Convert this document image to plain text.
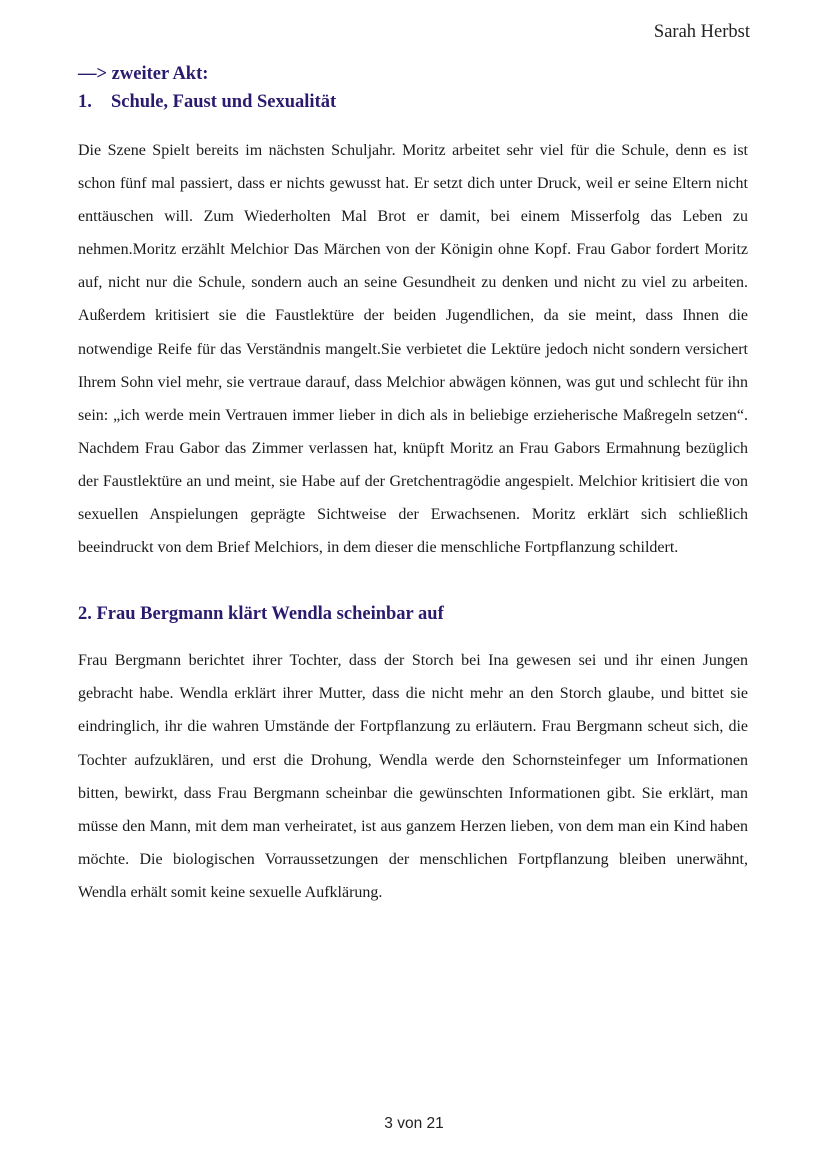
Sarah Herbst
—> zweiter Akt:
1.	Schule, Faust und Sexualität

Die Szene Spielt bereits im nächsten Schuljahr. Moritz arbeitet sehr viel für die Schule, denn es ist schon fünf mal passiert, dass er nichts gewusst hat. Er setzt dich unter Druck, weil er seine Eltern nicht enttäuschen will. Zum Wiederholten Mal Brot er damit, bei einem Misserfolg das Leben zu nehmen.Moritz erzählt Melchior Das Märchen von der Königin ohne Kopf. Frau Gabor fordert Moritz auf, nicht nur die Schule, sondern auch an seine Gesundheit zu denken und nicht zu viel zu arbeiten. Außerdem kritisiert sie die Faustlektüre der beiden Jugendlichen, da sie meint, dass Ihnen die notwendige Reife für das Verständnis mangelt.Sie verbietet die Lektüre jedoch nicht sondern versichert Ihrem Sohn viel mehr, sie vertraue darauf, dass Melchior abwägen können, was gut und schlecht für ihn sein: „ich werde mein Vertrauen immer lieber in dich als in beliebige erzieherische Maßregeln setzen“. Nachdem Frau Gabor das Zimmer verlassen hat, knüpft Moritz an Frau Gabors Ermahnung bezüglich der Faustlektüre an und meint, sie Habe auf der Gretchentragödie angespielt. Melchior kritisiert die von sexuellen Anspielungen geprägte Sichtweise der Erwachsenen. Moritz erklärt sich schließlich beeindruckt von dem Brief Melchiors, in dem dieser die menschliche Fortpflanzung schildert.

2. Frau Bergmann klärt Wendla scheinbar auf

Frau Bergmann berichtet ihrer Tochter, dass der Storch bei Ina gewesen sei und ihr einen Jungen gebracht habe. Wendla erklärt ihrer Mutter, dass die nicht mehr an den Storch glaube, und bittet sie eindringlich, ihr die wahren Umstände der Fortpflanzung zu erläutern. Frau Bergmann scheut sich, die Tochter aufzuklären, und erst die Drohung, Wendla werde den Schornsteinfeger um Informationen bitten, bewirkt, dass Frau Bergmann scheinbar die gewünschten Informationen gibt. Sie erklärt, man müsse den Mann, mit dem man verheiratet, ist aus ganzem Herzen lieben, von dem man ein Kind haben möchte. Die biologischen Vorraussetzungen der menschlichen Fortpflanzung bleiben unerwähnt, Wendla erhält somit keine sexuelle Aufklärung.

3 von 21
